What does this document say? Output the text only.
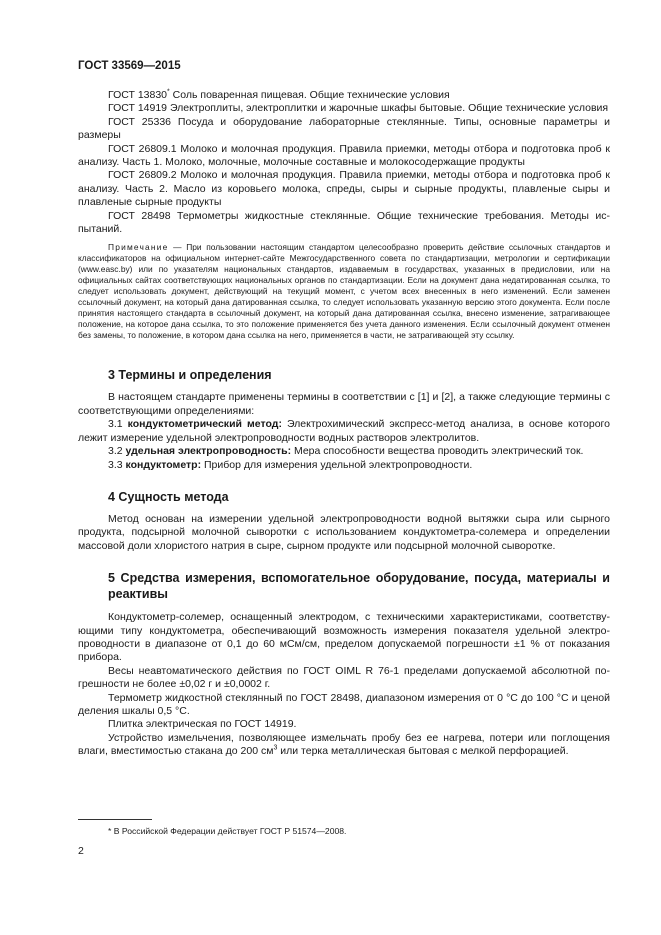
ГОСТ 33569—2015

ГОСТ 13830* Соль поваренная пищевая. Общие технические условия

ГОСТ 14919 Электроплиты, электроплитки и жарочные шкафы бытовые. Общие технические условия

ГОСТ 25336 Посуда и оборудование лабораторные стеклянные. Типы, основные параметры и размеры

ГОСТ 26809.1 Молоко и молочная продукция. Правила приемки, методы отбора и подготовка проб к анализу. Часть 1. Молоко, молочные, молочные составные и молокосодержащие продукты

ГОСТ 26809.2 Молоко и молочная продукция. Правила приемки, методы отбора и подготовка проб к анализу. Часть 2. Масло из коровьего молока, спреды, сыры и сырные продукты, плавленые сыры и плавленые сырные продукты

ГОСТ 28498 Термометры жидкостные стеклянные. Общие технические требования. Методы испытаний.

Примечание — При пользовании настоящим стандартом целесообразно проверить действие ссылочных стандартов и классификаторов на официальном интернет-сайте Межгосударственного совета по стандартизации, метрологии и сертификации (www.easc.by) или по указателям национальных стандартов, издаваемым в государствах, указанных в предисловии, или на официальных сайтах соответствующих национальных органов по стандартизации. Если на документ дана недатированная ссылка, то следует использовать документ, действующий на текущий момент, с учетом всех внесенных в него изменений. Если заменен ссылочный документ, на который дана датированная ссылка, то следует использовать указанную версию этого документа. Если после принятия настоящего стандарта в ссылочный документ, на который дана датированная ссылка, внесено изменение, затрагивающее положение, на которое дана ссылка, то это положение применяется без учета данного изменения. Если ссылочный документ отменен без замены, то положение, в котором дана ссылка на него, применяется в части, не затрагивающей эту ссылку.

3 Термины и определения

В настоящем стандарте применены термины в соответствии с [1] и [2], а также следующие термины с соответствующими определениями:

3.1 кондуктометрический метод: Электрохимический экспресс-метод анализа, в основе которого лежит измерение удельной электропроводности водных растворов электролитов.

3.2 удельная электропроводность: Мера способности вещества проводить электрический ток.

3.3 кондуктометр: Прибор для измерения удельной электропроводности.

4 Сущность метода

Метод основан на измерении удельной электропроводности водной вытяжки сыра или сырного продукта, подсырной молочной сыворотки с использованием кондуктометра-солемера и определении массовой доли хлористого натрия в сыре, сырном продукте или подсырной молочной сыворотке.

5 Средства измерения, вспомогательное оборудование, посуда, материалы и реактивы

Кондуктометр-солемер, оснащенный электродом, с техническими характеристиками, соответствующими типу кондуктометра, обеспечивающий возможность измерения показателя удельной электропроводности в диапазоне от 0,1 до 60 мСм/см, пределом допускаемой погрешности ±1 % от показания прибора.

Весы неавтоматического действия по ГОСТ OIML R 76-1 пределами допускаемой абсолютной погрешности не более ±0,02 г и ±0,0002 г.

Термометр жидкостной стеклянный по ГОСТ 28498, диапазоном измерения от 0 °С до 100 °С и ценой деления шкалы 0,5 °С.

Плитка электрическая по ГОСТ 14919.

Устройство измельчения, позволяющее измельчать пробу без ее нагрева, потери или поглощения влаги, вместимостью стакана до 200 $см^3$ или терка металлическая бытовая с мелкой перфорацией.

* В Российской Федерации действует ГОСТ Р 51574—2008.
2
